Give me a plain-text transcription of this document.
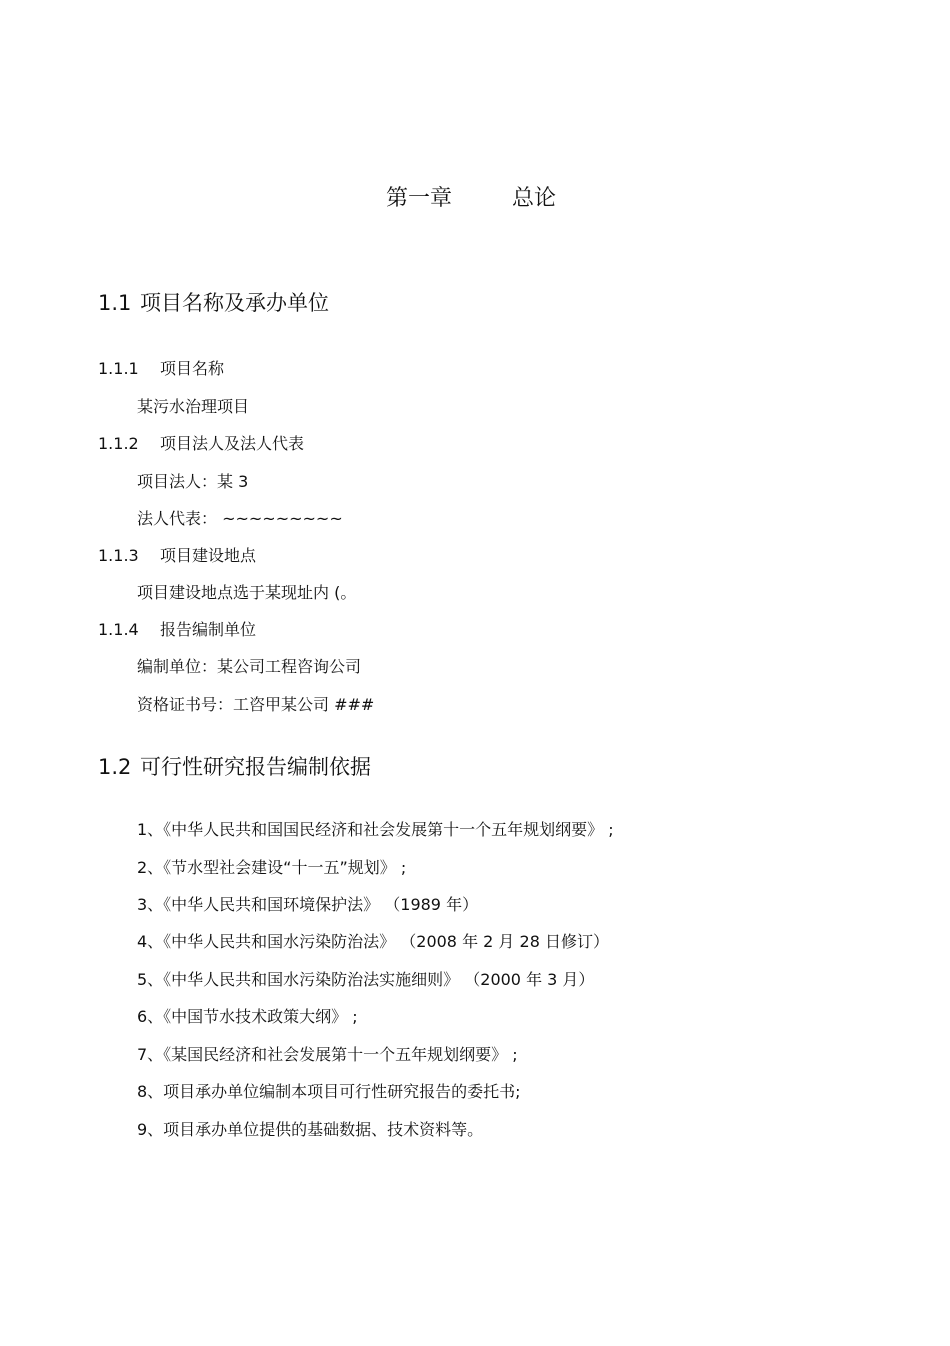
第一章	总论
1.1 项目名称及承办单位
1.1.1 项目名称
某污水治理项目
1.1.2 项目法人及法人代表
项目法人：某 3
法人代表： ~~~~~~~~~
1.1.3 项目建设地点
项目建设地点选于某现址内 (。
1.1.4 报告编制单位
编制单位：某公司工程咨询公司
资格证书号：工咨甲某公司 ###
1.2 可行性研究报告编制依据
1、《中华人民共和国国民经济和社会发展第十一个五年规划纲要》 ;
2、《节水型社会建设“十一五”规划》 ;
3、《中华人民共和国环境保护法》 （1989 年）
4、《中华人民共和国水污染防治法》 （2008 年 2 月 28 日修订）
5、《中华人民共和国水污染防治法实施细则》 （2000 年 3 月）
6、《中国节水技术政策大纲》 ;
7、《某国民经济和社会发展第十一个五年规划纲要》 ;
8、项目承办单位编制本项目可行性研究报告的委托书;
9、项目承办单位提供的基础数据、技术资料等。
